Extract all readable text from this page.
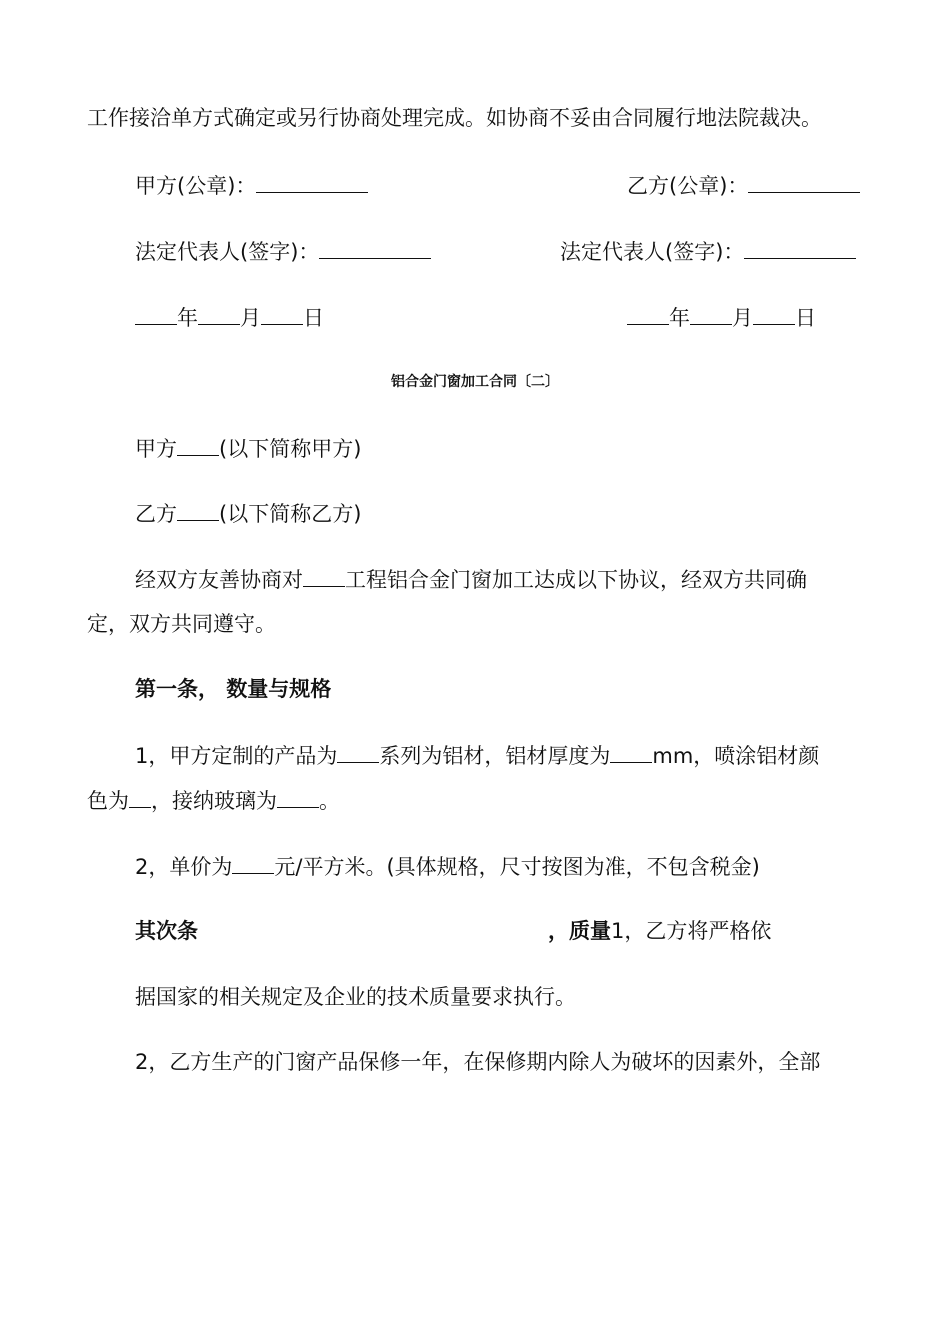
工作接洽单方式确定或另行协商处理完成。如协商不妥由合同履行地法院裁决。
甲方(公章)：	乙方(公章)：
法定代表人(签字)：	法定代表人(签字)：
年 月 日	年 月 日
铝合金门窗加工合同〔二〕
甲方 (以下简称甲方)
乙方 (以下简称乙方)
经双方友善协商对 工程铝合金门窗加工达成以下协议，经双方共同确
定，双方共同遵守。
第一条， 数量与规格
1，甲方定制的产品为 系列为铝材，铝材厚度为 mm，喷涂铝材颜
色为 ，接纳玻璃为 。
2，单价为 元/平方米。(具体规格，尺寸按图为准，不包含税金)
其次条	，质量1，乙方将严格依
据国家的相关规定及企业的技术质量要求执行。
2，乙方生产的门窗产品保修一年，在保修期内除人为破坏的因素外，全部
